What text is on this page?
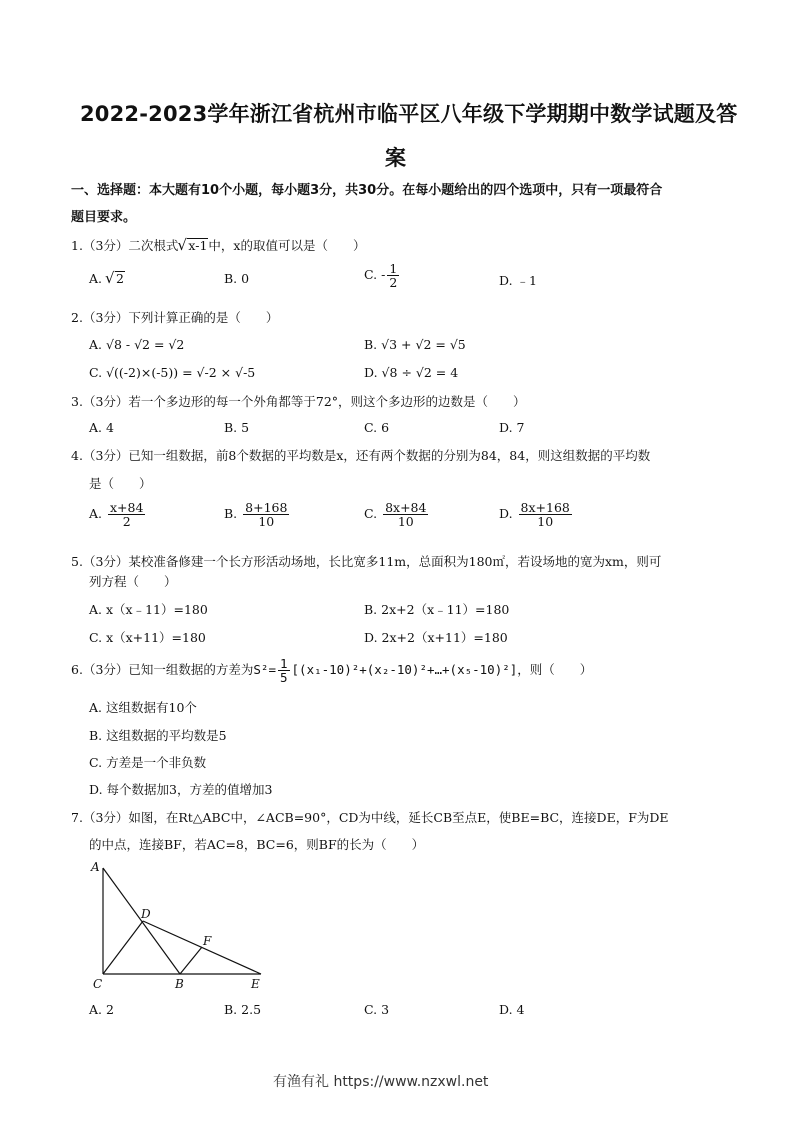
2022-2023学年浙江省杭州市临平区八年级下学期期中数学试题及答
案
一、选择题：本大题有10个小题，每小题3分，共30分。在每小题给出的四个选项中，只有一项最符合
题目要求。
1.（3分）二次根式 √ x-1中，x的取值可以是（　　）
A. √ 2	B. 0	C. - $\frac{1}{2}$	D. ﹣1
2.（3分）下列计算正确的是（　　）
A. √8 - √2 = √2	B. √3 + √2 = √5
C. √((-2)×(-5)) = √-2 × √-5	D. √8 ÷ √2 = 4
3.（3分）若一个多边形的每一个外角都等于72°，则这个多边形的边数是（　　）
A. 4	B. 5	C. 6	D. 7
4.（3分）已知一组数据，前8个数据的平均数是x，还有两个数据的分别为84，84，则这组数据的平均数
是（　　）
A. $\frac{x+84}{2}$	B. $\frac{8+168}{10}$	C. $\frac{8x+84}{10}$	D. $\frac{8x+168}{10}$
5.（3分）某校准备修建一个长方形活动场地，长比宽多11m，总面积为180㎡，若设场地的宽为xm，则可
列方程（　　）
A. x（x﹣11）=180	B. 2x+2（x﹣11）=180
C. x（x+11）=180	D. 2x+2（x+11）=180
6.（3分）已知一组数据的方差为$S^2= \frac{1}{5}$ [(x₁-10)²+(x₂-10)²+…+(x₅-10)²]，则（　　）
A. 这组数据有10个
B. 这组数据的平均数是5
C. 方差是一个非负数
D. 每个数据加3，方差的值增加3
7.（3分）如图，在Rt△ABC中，∠ACB=90°，CD为中线，延长CB至点E，使BE=BC，连接DE，F为DE
的中点，连接BF，若AC=8，BC=6，则BF的长为（　　）
A
D
F
C	B	E
A. 2	B. 2.5	C. 3	D. 4
有渔有礼 https://www.nzxwl.net
